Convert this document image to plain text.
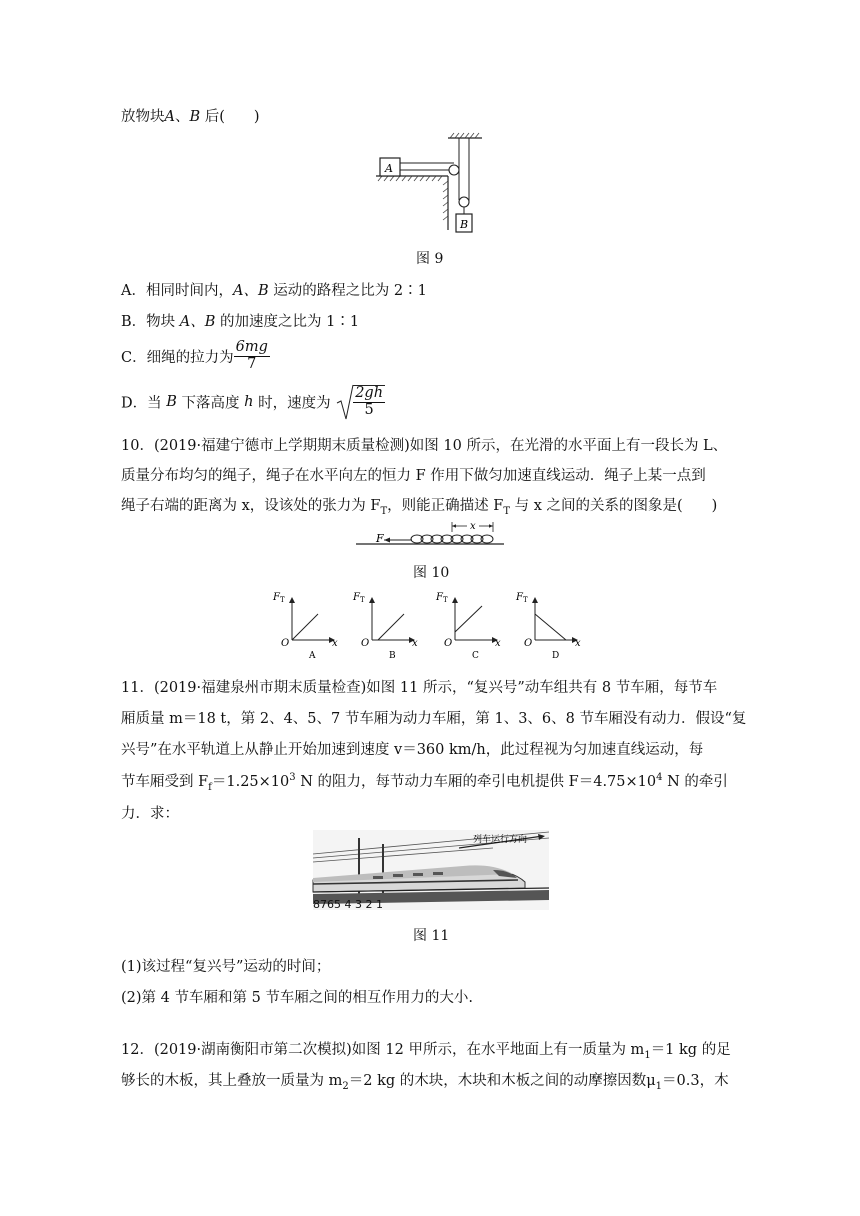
放物块A、B 后(　　)
A
B
图 9
A．相同时间内，A、B 运动的路程之比为 2∶1
B．物块 A、B 的加速度之比为 1∶1
C．细绳的拉力为 $\frac{6mg}{7}$
D．当 B 下落高度 h 时，速度为 $\frac{2gh}{5}$
10．(2019·福建宁德市上学期期末质量检测)如图 10 所示，在光滑的水平面上有一段长为 L、
质量分布均匀的绳子，绳子在水平向左的恒力 F 作用下做匀加速直线运动．绳子上某一点到
绳子右端的距离为 x，设该处的张力为 $F_T$，则能正确描述 $F_T$ 与 x 之间的关系的图象是(　　)
F
x
图 10
F T
O	x
A
F T
O	x
B
F T
O	x
C
F T
O	x
D
11．(2019·福建泉州市期末质量检查)如图 11 所示，“复兴号”动车组共有 8 节车厢，每节车
厢质量 m＝18 t，第 2、4、5、7 节车厢为动力车厢，第 1、3、6、8 节车厢没有动力．假设“复
兴号”在水平轨道上从静止开始加速到速度 v＝360 km/h，此过程视为匀加速直线运动，每
节车厢受到 $F_f=1.25\times 10^3$ N 的阻力，每节动力车厢的牵引电机提供 $F=4.75\times 10^4$ N 的牵引
力．求：
列车运行方向
8765 4 3 2 1
图 11
(1)该过程“复兴号”运动的时间；
(2)第 4 节车厢和第 5 节车厢之间的相互作用力的大小.
12．(2019·湖南衡阳市第二次模拟)如图 12 甲所示，在水平地面上有一质量为 $m_1=1$ kg 的足
够长的木板，其上叠放一质量为 $m_2=2$ kg 的木块，木块和木板之间的动摩擦因数$\mu_1=0.3$，木
